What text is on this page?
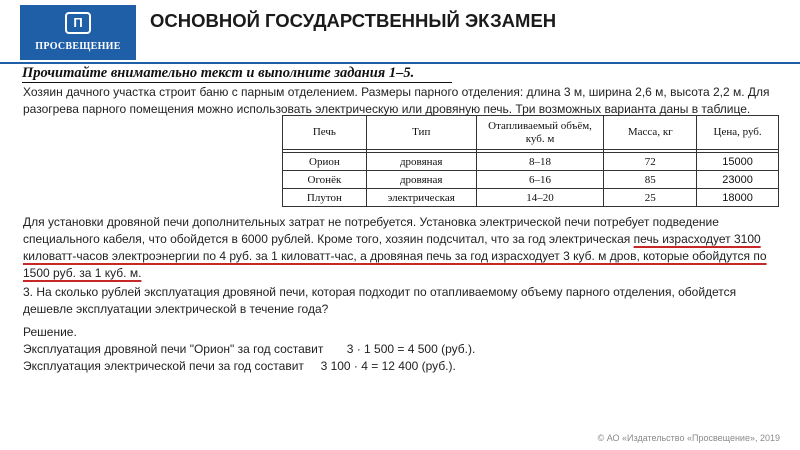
П
ПРОСВЕЩЕНИЕ
ОСНОВНОЙ ГОСУДАРСТВЕННЫЙ ЭКЗАМЕН
Прочитайте внимательно текст и выполните задания 1–5.
Хозяин дачного участка строит баню с парным отделением. Размеры парного отделения: длина 3 м, ширина 2,6 м, высота 2,2 м. Для разогрева парного помещения можно использовать электрическую или дровяную печь. Три возможных варианта даны в таблице.
Печь	Тип	Отапливаемый объём, куб. м	Масса, кг	Цена, руб.

Орион	дровяная	8–18	72	15000
Огонёк	дровяная	6–16	85	23000
Плутон	электрическая	14–20	25	18000
Для установки дровяной печи дополнительных затрат не потребуется. Установка электрической печи потребует подведение специального кабеля, что обойдется в 6000 рублей. Кроме того, хозяин подсчитал, что за год электрическая печь израсходует 3100 киловатт-часов электроэнергии по 4 руб. за 1 киловатт-час, а дровяная печь за год израсходует 3 куб. м дров, которые обойдутся по 1500 руб. за 1 куб. м.
3. На сколько рублей эксплуатация дровяной печи, которая подходит по отапливаемому объему парного отделения, обойдется дешевле эксплуатации электрической в течение года?
Решение.
Эксплуатация дровяной печи "Орион" за год составит       3 · 1 500 = 4 500 (руб.).
Эксплуатация электрической печи за год составит     3 100 · 4 = 12 400 (руб.).
© АО «Издательство «Просвещение», 2019
